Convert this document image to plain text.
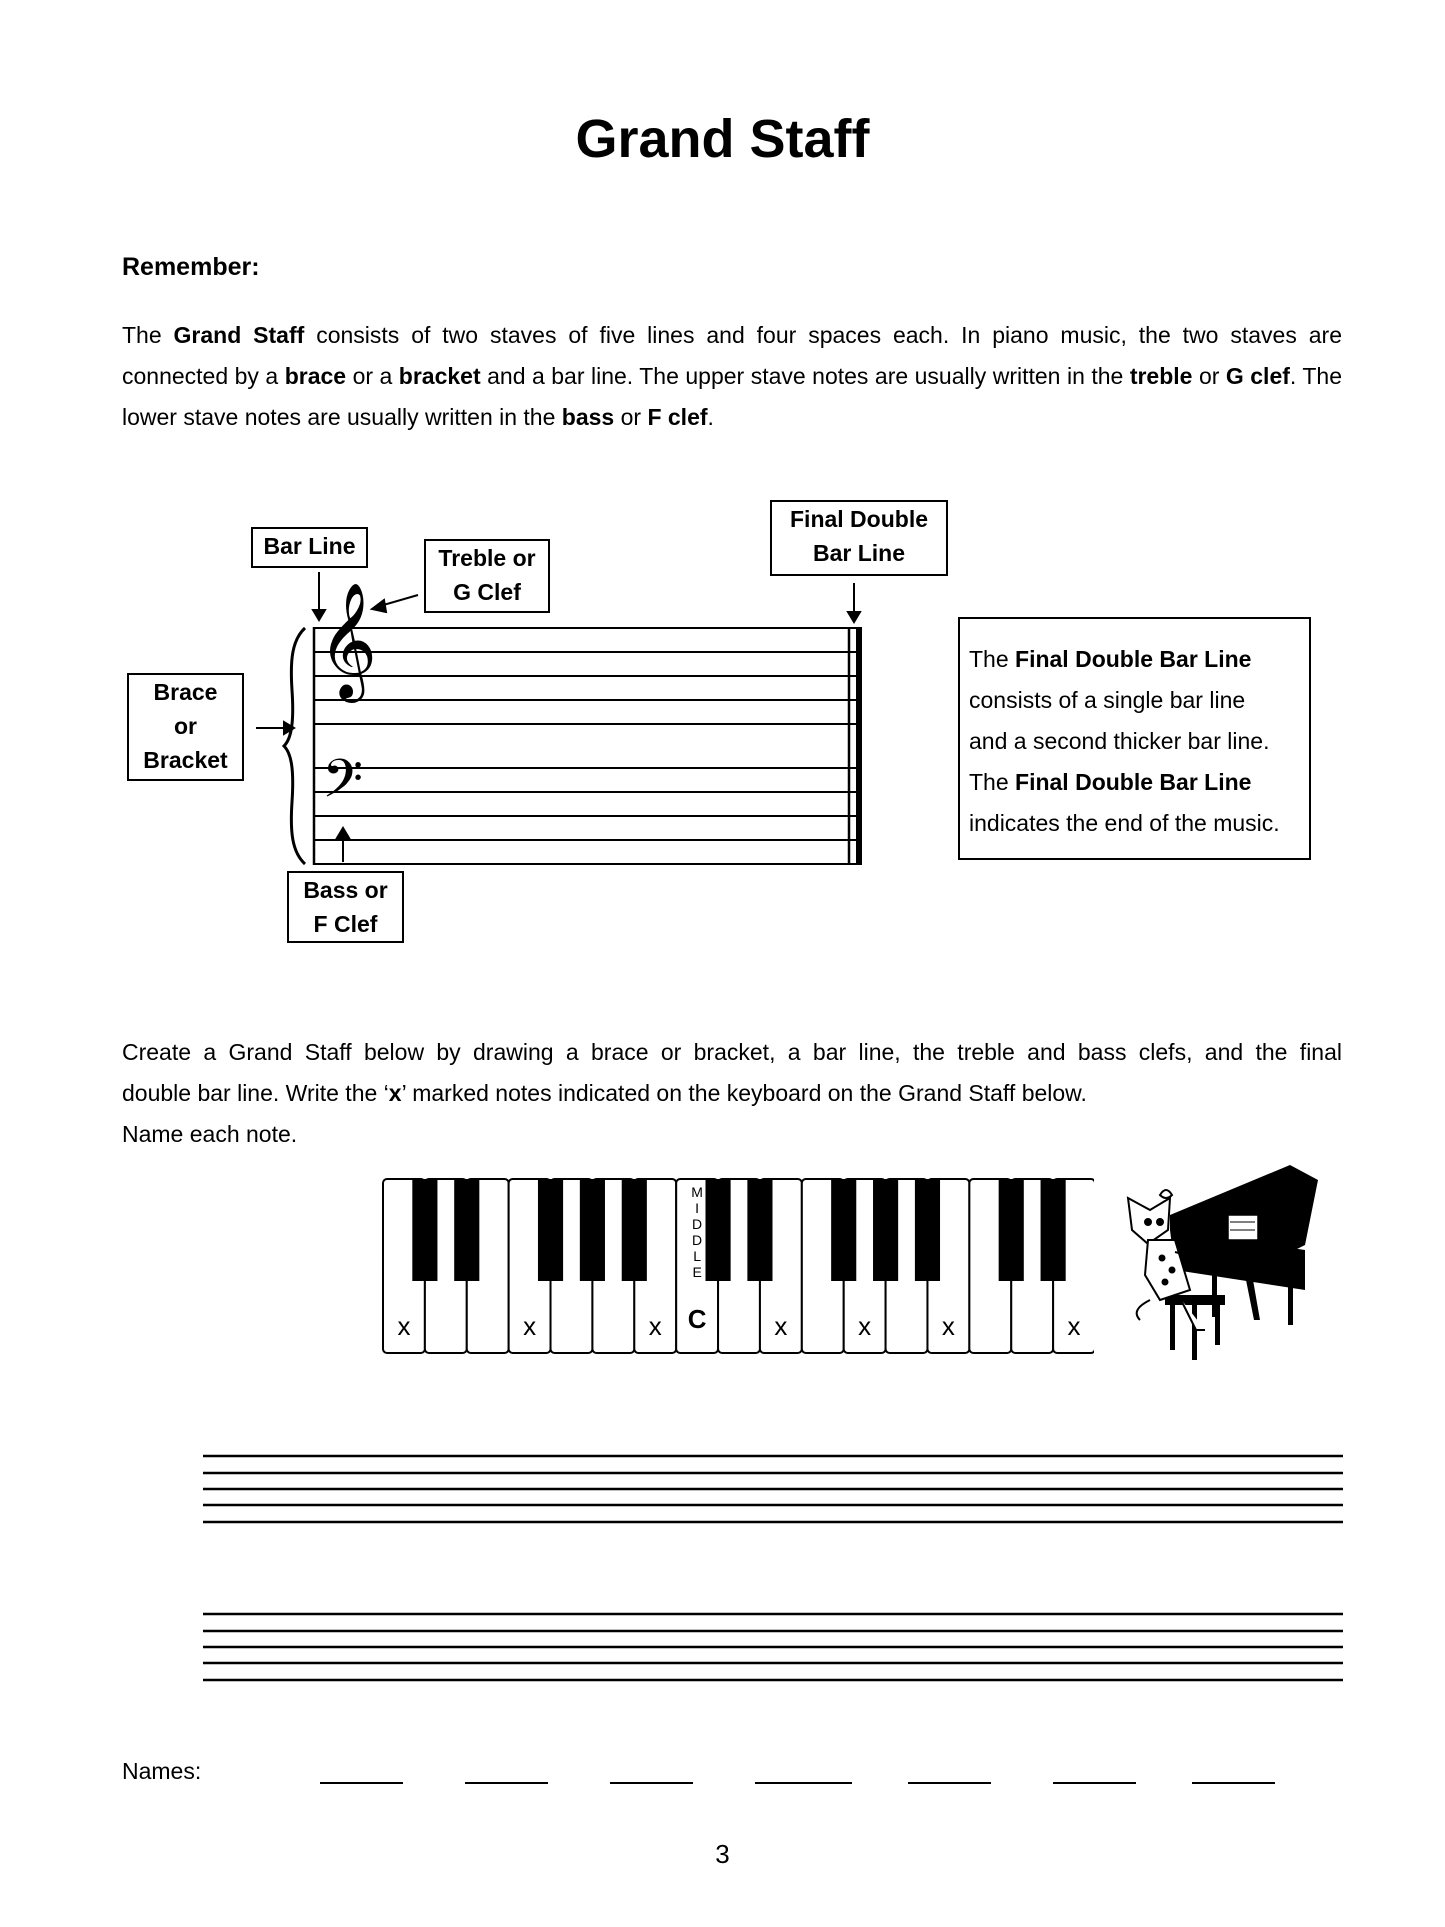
Grand Staff
Remember:
The Grand Staff consists of two staves of five lines and four spaces each. In piano music, the two staves are connected by a brace or a bracket and a bar line. The upper stave notes are usually written in the treble or G clef. The lower stave notes are usually written in the bass or F clef.
𝄞
𝄢
Bar Line	Treble or
G Clef
Final Double
Bar Line
Brace
or
Bracket
Bass or
F Clef
The Final Double Bar Line
consists of a single bar line
and a second thicker bar line.
The Final Double Bar Line
indicates the end of the music.
Create a Grand Staff below by drawing a brace or bracket, a bar line, the treble and bass clefs, and the final
double bar line. Write the ‘x’ marked notes indicated on the keyboard on the Grand Staff below.
Name each note.
x	x	x	x	x	x	x
M
I
D
D
L
E
C
Names:
3
